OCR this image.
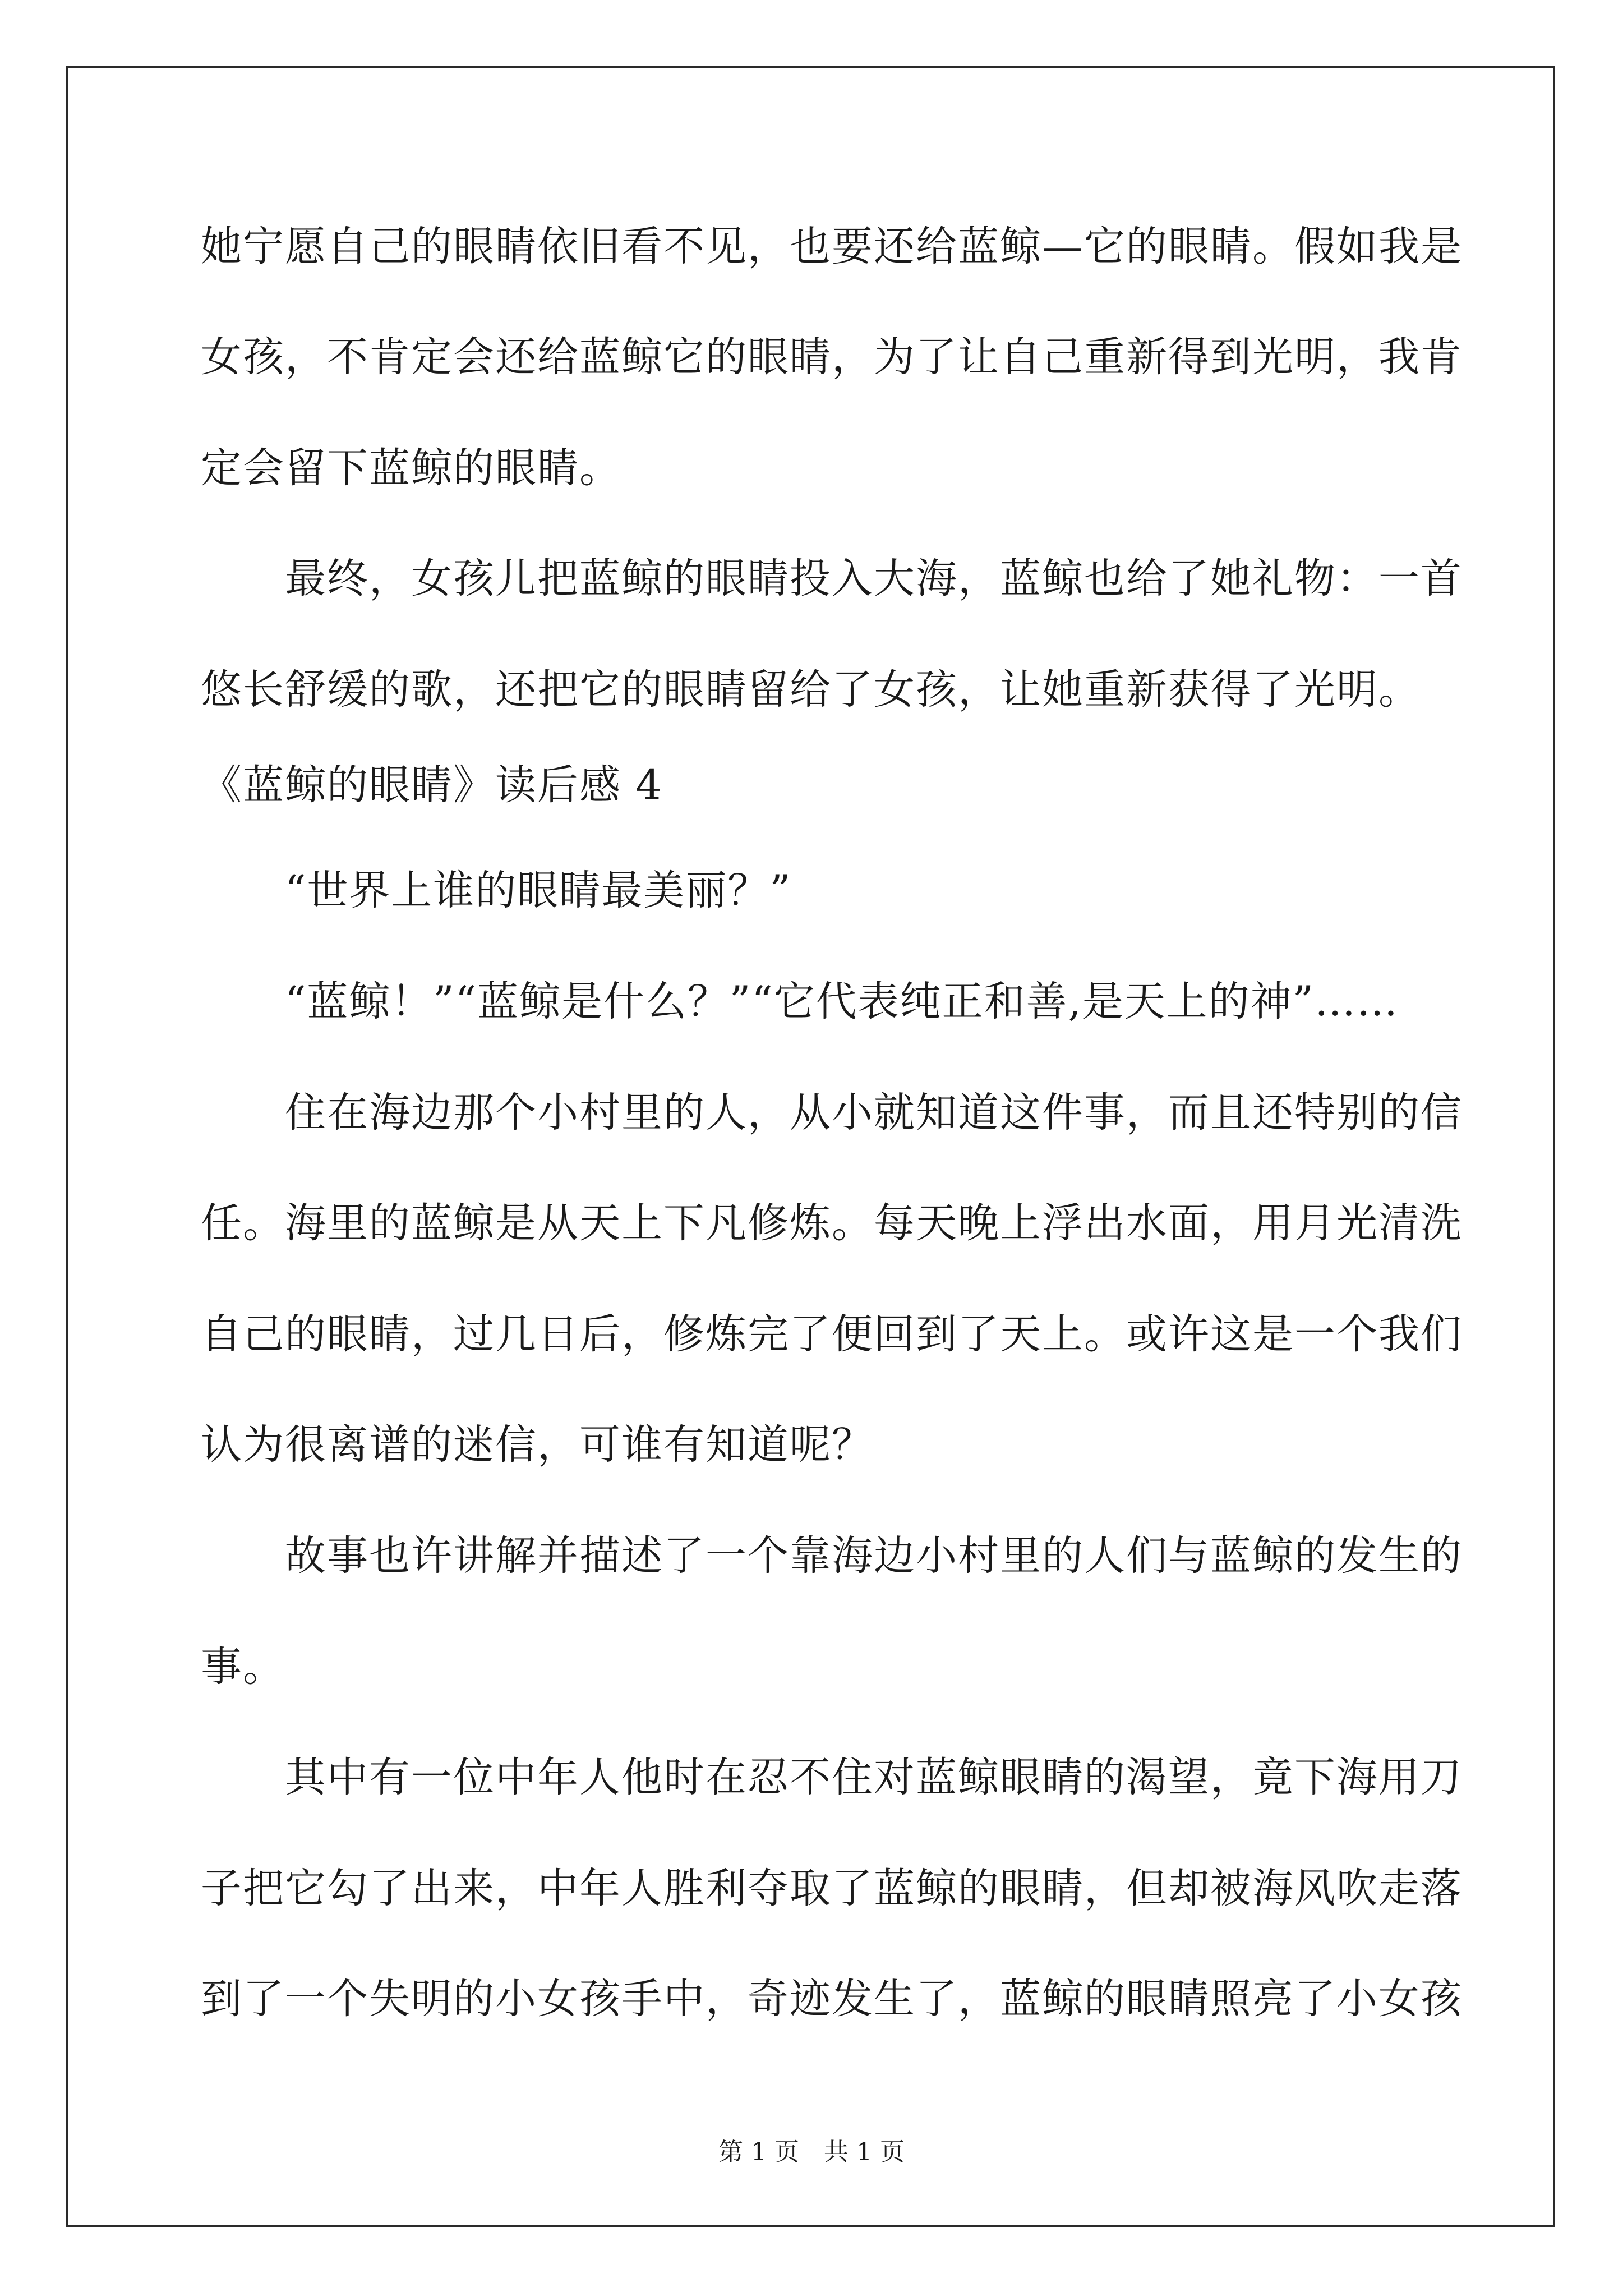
她宁愿自己的眼睛依旧看不见，也要还给蓝鲸—它的眼睛。假如我是
女孩，不肯定会还给蓝鲸它的眼睛，为了让自己重新得到光明，我肯
定会留下蓝鲸的眼睛。
最终，女孩儿把蓝鲸的眼睛投入大海，蓝鲸也给了她礼物：一首
悠长舒缓的歌，还把它的眼睛留给了女孩，让她重新获得了光明。
《蓝鲸的眼睛》读后感 4
“世界上谁的眼睛最美丽？”
“蓝鲸！”“蓝鲸是什么？”“它代表纯正和善,是天上的神”……
住在海边那个小村里的人，从小就知道这件事，而且还特别的信
任。海里的蓝鲸是从天上下凡修炼。每天晚上浮出水面，用月光清洗
自己的眼睛，过几日后，修炼完了便回到了天上。或许这是一个我们
认为很离谱的迷信，可谁有知道呢？
故事也许讲解并描述了一个靠海边小村里的人们与蓝鲸的发生的
事。
其中有一位中年人他时在忍不住对蓝鲸眼睛的渴望，竟下海用刀
子把它勾了出来，中年人胜利夺取了蓝鲸的眼睛，但却被海风吹走落
到了一个失明的小女孩手中，奇迹发生了，蓝鲸的眼睛照亮了小女孩
第 1 页　共 1 页
